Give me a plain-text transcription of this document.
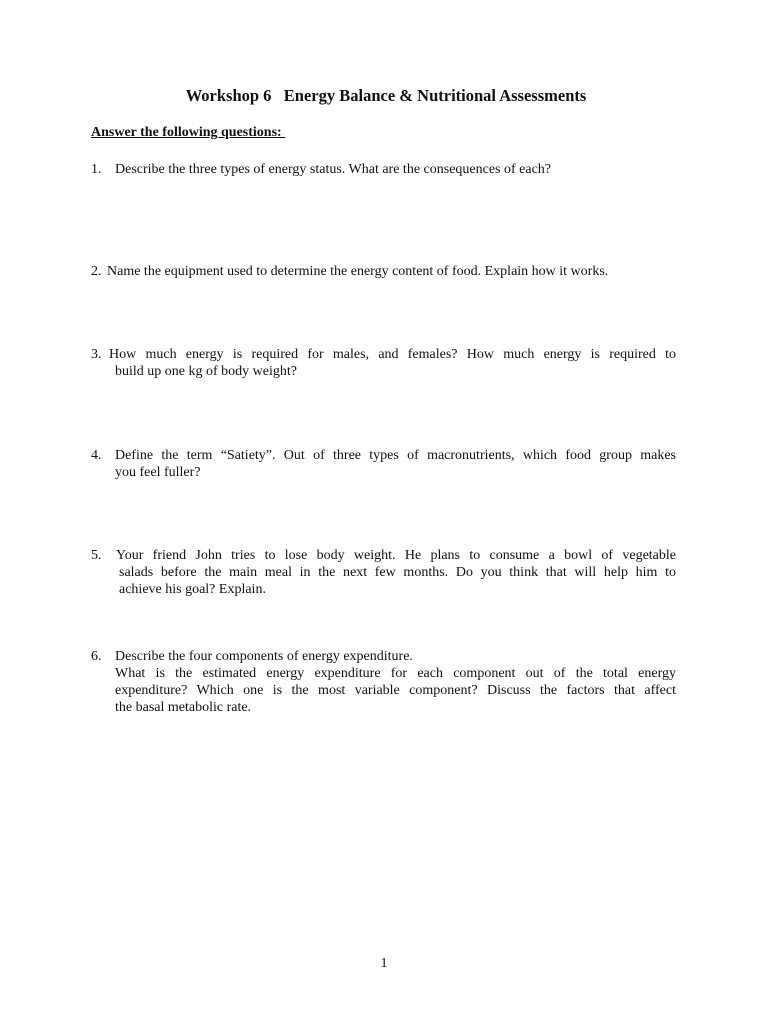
Workshop 6   Energy Balance & Nutritional Assessments
Answer the following questions:
1. Describe the three types of energy status. What are the consequences of each?
2. Name the equipment used to determine the energy content of food. Explain how it works.
3. How much energy is required for males, and females? How much energy is required to
build up one kg of body weight?
4. Define the term “Satiety”. Out of three types of macronutrients, which food group makes
you feel fuller?
5. Your friend John tries to lose body weight. He plans to consume a bowl of vegetable
salads before the main meal in the next few months. Do you think that will help him to
achieve his goal? Explain.
6. Describe the four components of energy expenditure.
What is the estimated energy expenditure for each component out of the total energy
expenditure? Which one is the most variable component? Discuss the factors that affect
the basal metabolic rate.
1
